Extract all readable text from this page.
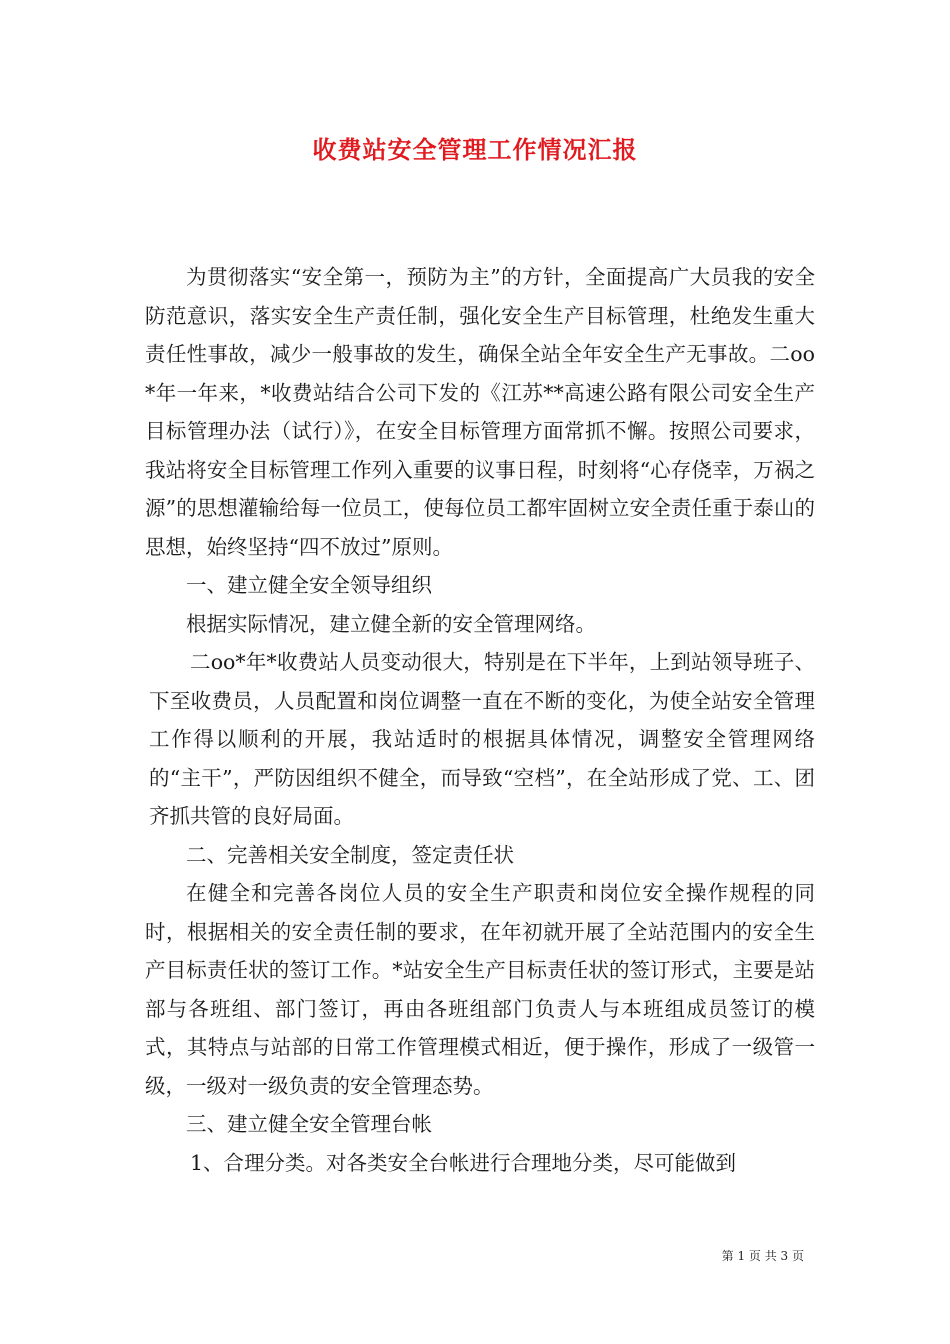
收费站安全管理工作情况汇报

为贯彻落实“安全第一，预防为主”的方针，全面提高广大员我的安全防范意识，落实安全生产责任制，强化安全生产目标管理，杜绝发生重大责任性事故，减少一般事故的发生，确保全站全年安全生产无事故。二oo*年一年来，*收费站结合公司下发的《江苏**高速公路有限公司安全生产目标管理办法（试行）》，在安全目标管理方面常抓不懈。按照公司要求，我站将安全目标管理工作列入重要的议事日程，时刻将“心存侥幸，万祸之源”的思想灌输给每一位员工，使每位员工都牢固树立安全责任重于泰山的思想，始终坚持“四不放过”原则。

一、建立健全安全领导组织

根据实际情况，建立健全新的安全管理网络。

二oo*年*收费站人员变动很大，特别是在下半年，上到站领导班子、下至收费员，人员配置和岗位调整一直在不断的变化，为使全站安全管理工作得以顺利的开展，我站适时的根据具体情况，调整安全管理网络的“主干”，严防因组织不健全，而导致“空档”，在全站形成了党、工、团齐抓共管的良好局面。

二、完善相关安全制度，签定责任状

在健全和完善各岗位人员的安全生产职责和岗位安全操作规程的同时，根据相关的安全责任制的要求，在年初就开展了全站范围内的安全生产目标责任状的签订工作。*站安全生产目标责任状的签订形式，主要是站部与各班组、部门签订，再由各班组部门负责人与本班组成员签订的模式，其特点与站部的日常工作管理模式相近，便于操作，形成了一级管一级，一级对一级负责的安全管理态势。

三、建立健全安全管理台帐

1、合理分类。对各类安全台帐进行合理地分类，尽可能做到

第 1 页 共 3 页
